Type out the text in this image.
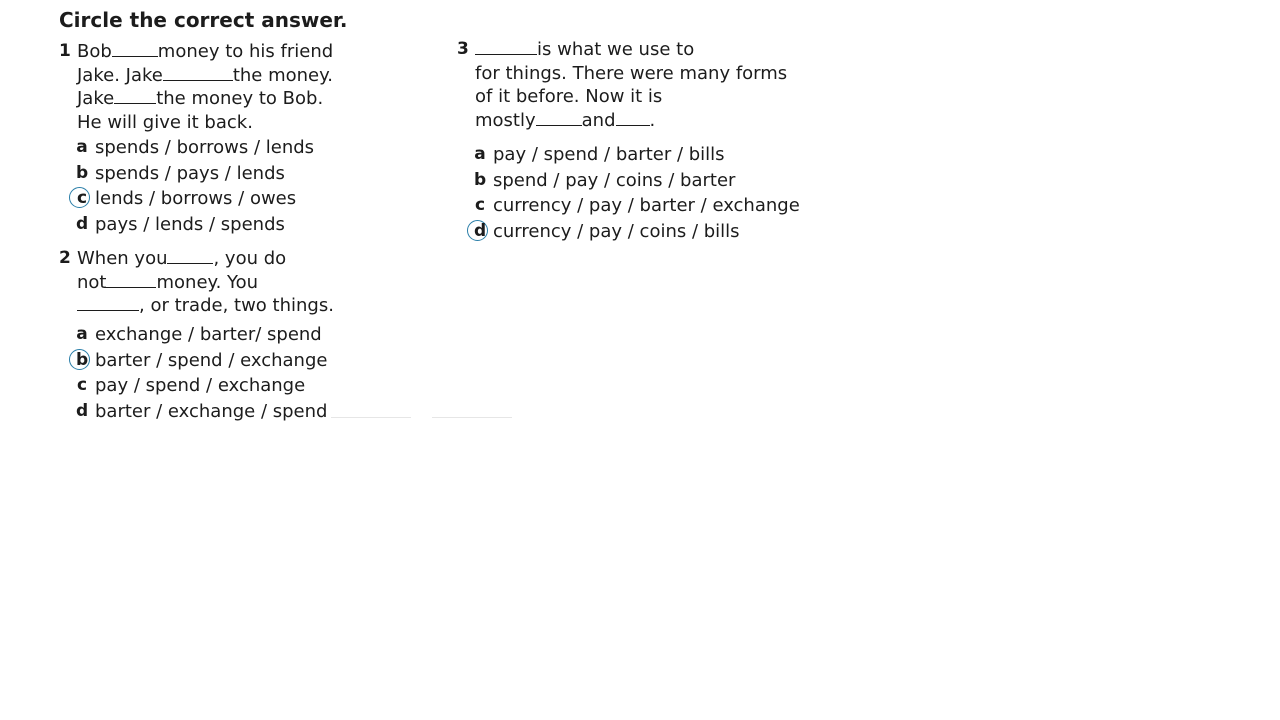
Circle the correct answer.
1 Bob	money to his friend
Jake. Jake	the money.
Jake the money to Bob.
He will give it back.
a spends / borrows / lends
b spends / pays / lends
c lends / borrows / owes
d pays / lends / spends
2 When you	, you do
not	money. You
, or trade, two things.
a exchange / barter/ spend
b barter / spend / exchange
c pay / spend / exchange
d barter / exchange / spend
3	is what we use to
for things. There were many forms
of it before. Now it is
mostly	and .
a pay / spend / barter / bills
b spend / pay / coins / barter
c currency / pay / barter / exchange
d currency / pay / coins / bills
